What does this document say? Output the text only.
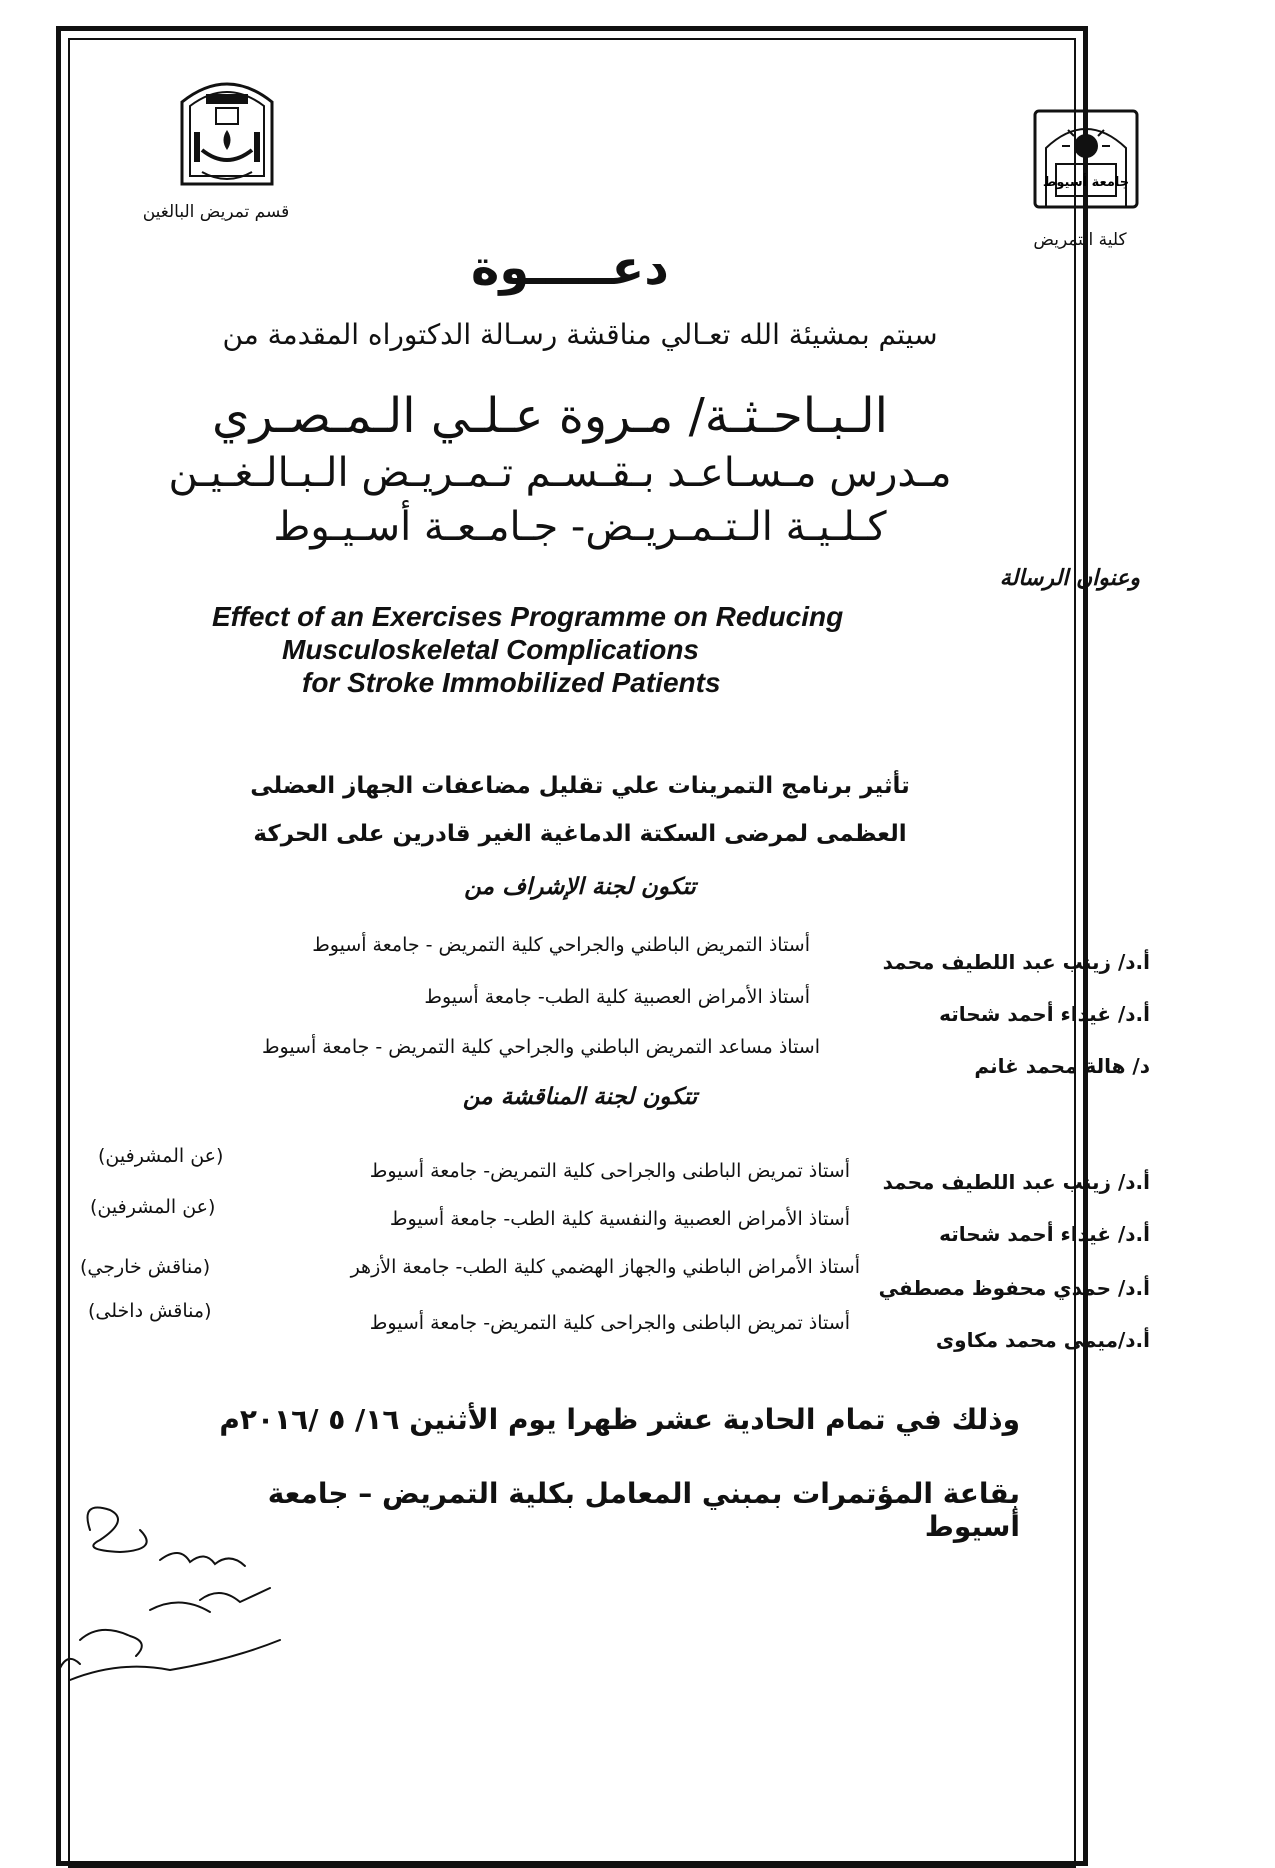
قسم تمريض البالغين
جامعة أسيوط
كلية التمريض
دعـــــوة
سيتم بمشيئة الله تعـالي مناقشة رسـالة الدكتوراه المقدمة من
الـبـاحـثـة/ مـروة عـلـي الـمـصـري
مـدرس مـسـاعـد بـقـسـم تـمـريـض الـبـالـغـيـن
كـلـيـة الـتـمـريـض- جـامـعـة أسـيـوط
وعنوان الرسالة
Effect of an Exercises Programme on Reducing
Musculoskeletal Complications
for Stroke Immobilized Patients
تأثير برنامج التمرينات علي تقليل مضاعفات الجهاز العضلى
العظمى لمرضى السكتة الدماغية الغير قادرين على الحركة
تتكون لجنة الإشراف من
أ.د/ زينب عبد اللطيف محمد
أستاذ التمريض الباطني والجراحي كلية التمريض - جامعة أسيوط
أ.د/ غيداء أحمد شحاته
أستاذ الأمراض العصبية كلية الطب- جامعة أسيوط
د/ هالة محمد غانم
استاذ مساعد التمريض الباطني والجراحي كلية التمريض - جامعة أسيوط
تتكون لجنة المناقشة من
أ.د/ زينب عبد اللطيف محمد
أستاذ تمريض الباطنى والجراحى كلية التمريض- جامعة أسيوط
(عن المشرفين)
أ.د/ غيداء أحمد شحاته
أستاذ الأمراض العصبية والنفسية كلية الطب- جامعة أسيوط
(عن المشرفين)
أ.د/ حمدي محفوظ مصطفي
أستاذ الأمراض الباطني والجهاز الهضمي كلية الطب- جامعة الأزهر
(مناقش خارجي)
أ.د/ميمى محمد مكاوى
أستاذ تمريض الباطنى والجراحى كلية التمريض- جامعة أسيوط
(مناقش داخلى)
وذلك في تمام الحادية عشر ظهرا يوم الأثنين ١٦/ ٥ /٢٠١٦م
بقاعة المؤتمرات بمبني المعامل بكلية التمريض – جامعة أسيوط
